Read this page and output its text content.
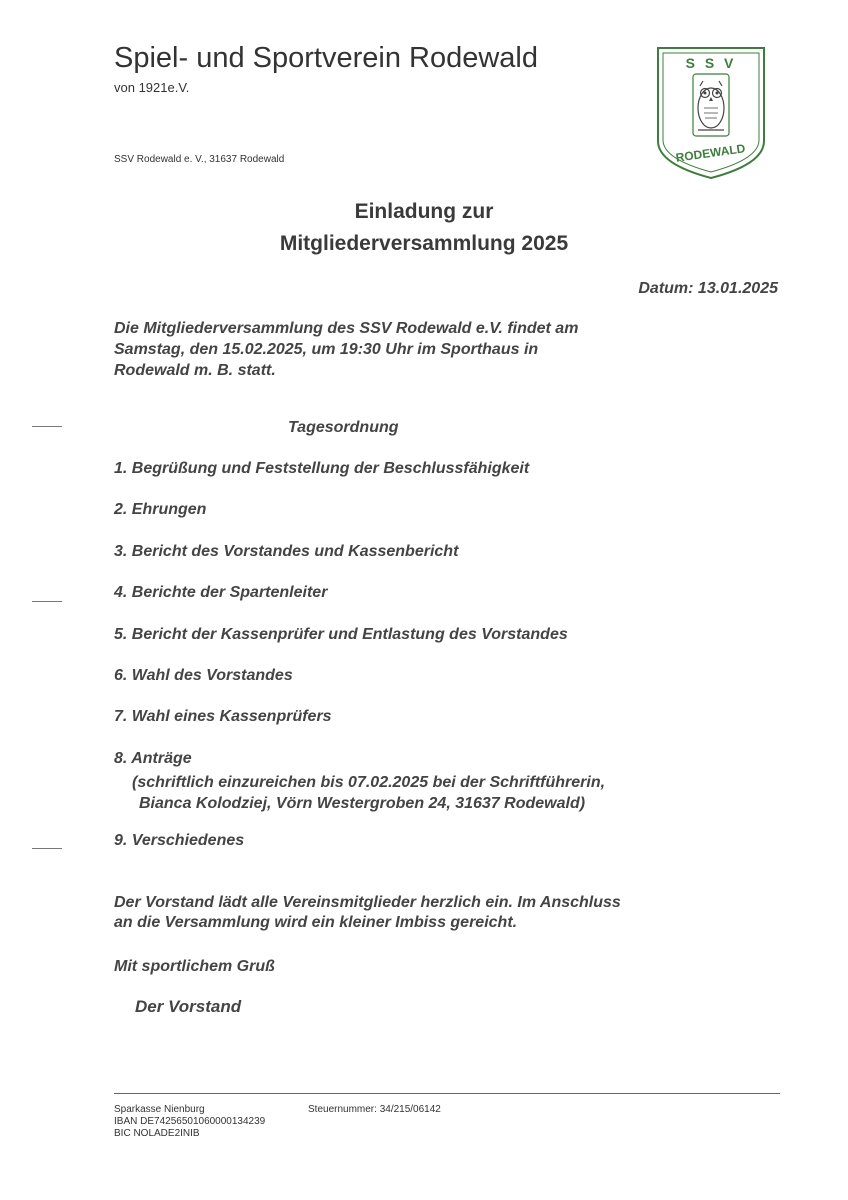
Spiel- und Sportverein Rodewald
von 1921e.V.
SSV Rodewald e. V., 31637 Rodewald
S S V
RODEWALD
Einladung zur
Mitgliederversammlung 2025
Datum: 13.01.2025
Die Mitgliederversammlung des SSV Rodewald e.V. findet am
Samstag, den 15.02.2025, um 19:30 Uhr im Sporthaus in
Rodewald m. B. statt.
Tagesordnung
1. Begrüßung und Feststellung der Beschlussfähigkeit
2. Ehrungen
3. Bericht des Vorstandes und Kassenbericht
4. Berichte der Spartenleiter
5. Bericht der Kassenprüfer und Entlastung des Vorstandes
6. Wahl des Vorstandes
7. Wahl eines Kassenprüfers
8. Anträge
(schriftlich einzureichen bis 07.02.2025 bei der Schriftführerin,
Bianca Kolodziej, Vörn Westergroben 24, 31637 Rodewald)
9. Verschiedenes
Der Vorstand lädt alle Vereinsmitglieder herzlich ein. Im Anschluss
an die Versammlung wird ein kleiner Imbiss gereicht.
Mit sportlichem Gruß
Der Vorstand
Sparkasse Nienburg
IBAN DE74256501060000134239
BIC NOLADE2INIB
Steuernummer: 34/215/06142
